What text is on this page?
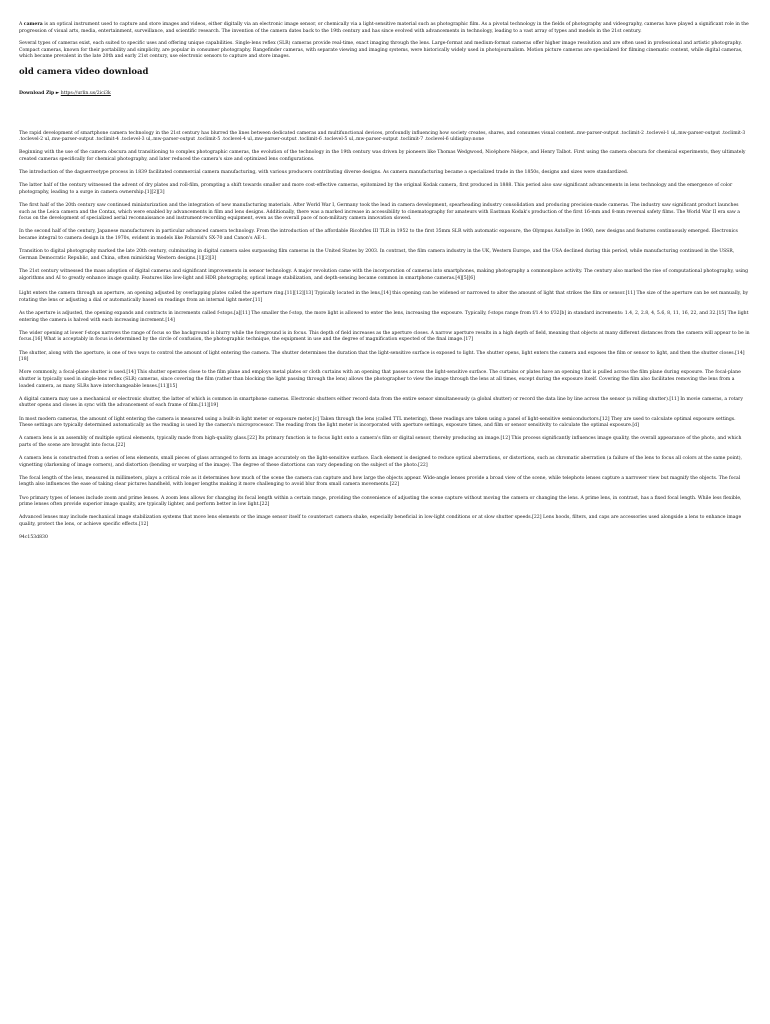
A camera is an optical instrument used to capture and store images and videos, either digitally via an electronic image sensor, or chemically via a light-sensitive material such as photographic film. As a pivotal technology in the fields of photography and videography, cameras have played a significant role in the progression of visual arts, media, entertainment, surveillance, and scientific research. The invention of the camera dates back to the 19th century and has since evolved with advancements in technology, leading to a vast array of types and models in the 21st century.

Several types of cameras exist, each suited to specific uses and offering unique capabilities. Single-lens reflex (SLR) cameras provide real-time, exact imaging through the lens. Large-format and medium-format cameras offer higher image resolution and are often used in professional and artistic photography. Compact cameras, known for their portability and simplicity, are popular in consumer photography. Rangefinder cameras, with separate viewing and imaging systems, were historically widely used in photojournalism. Motion picture cameras are specialized for filming cinematic content, while digital cameras, which became prevalent in the late 20th and early 21st century, use electronic sensors to capture and store images.

old camera video download
Download Zip ► https://urlin.us/2ici3k

The rapid development of smartphone camera technology in the 21st century has blurred the lines between dedicated cameras and multifunctional devices, profoundly influencing how society creates, shares, and consumes visual content..mw-parser-output .toclimit-2 .toclevel-1 ul,.mw-parser-output .toclimit-3 .toclevel-2 ul,.mw-parser-output .toclimit-4 .toclevel-3 ul,.mw-parser-output .toclimit-5 .toclevel-4 ul,.mw-parser-output .toclimit-6 .toclevel-5 ul,.mw-parser-output .toclimit-7 .toclevel-6 uldisplay:none

Beginning with the use of the camera obscura and transitioning to complex photographic cameras, the evolution of the technology in the 19th century was driven by pioneers like Thomas Wedgwood, Nicéphore Niépce, and Henry Talbot. First using the camera obscura for chemical experiments, they ultimately created cameras specifically for chemical photography, and later reduced the camera's size and optimized lens configurations.

The introduction of the daguerreotype process in 1839 facilitated commercial camera manufacturing, with various producers contributing diverse designs. As camera manufacturing became a specialized trade in the 1850s, designs and sizes were standardized.

The latter half of the century witnessed the advent of dry plates and roll-film, prompting a shift towards smaller and more cost-effective cameras, epitomized by the original Kodak camera, first produced in 1888. This period also saw significant advancements in lens technology and the emergence of color photography, leading to a surge in camera ownership.[1][2][3]

The first half of the 20th century saw continued miniaturization and the integration of new manufacturing materials. After World War I, Germany took the lead in camera development, spearheading industry consolidation and producing precision-made cameras. The industry saw significant product launches such as the Leica camera and the Contax, which were enabled by advancements in film and lens designs. Additionally, there was a marked increase in accessibility to cinematography for amateurs with Eastman Kodak's production of the first 16-mm and 8-mm reversal safety films. The World War II era saw a focus on the development of specialized aerial reconnaissance and instrument-recording equipment, even as the overall pace of non-military camera innovation slowed.

In the second half of the century, Japanese manufacturers in particular advanced camera technology. From the introduction of the affordable Ricohflex III TLR in 1952 to the first 35mm SLR with automatic exposure, the Olympus AutoEye in 1960, new designs and features continuously emerged. Electronics became integral to camera design in the 1970s, evident in models like Polaroid's SX-70 and Canon's AE-1.

Transition to digital photography marked the late 20th century, culminating in digital camera sales surpassing film cameras in the United States by 2003. In contrast, the film camera industry in the UK, Western Europe, and the USA declined during this period, while manufacturing continued in the USSR, German Democratic Republic, and China, often mimicking Western designs.[1][2][3]

The 21st century witnessed the mass adoption of digital cameras and significant improvements in sensor technology. A major revolution came with the incorporation of cameras into smartphones, making photography a commonplace activity. The century also marked the rise of computational photography, using algorithms and AI to greatly enhance image quality. Features like low-light and HDR photography, optical image stabilization, and depth-sensing became common in smartphone cameras.[4][5][6]

Light enters the camera through an aperture, an opening adjusted by overlapping plates called the aperture ring.[11][12][13] Typically located in the lens,[14] this opening can be widened or narrowed to alter the amount of light that strikes the film or sensor.[11] The size of the aperture can be set manually, by rotating the lens or adjusting a dial or automatically based on readings from an internal light meter.[11]

As the aperture is adjusted, the opening expands and contracts in increments called f-stops.[a][11] The smaller the f-stop, the more light is allowed to enter the lens, increasing the exposure. Typically, f-stops range from f/1.4 to f/32[b] in standard increments: 1.4, 2, 2.8, 4, 5.6, 8, 11, 16, 22, and 32.[15] The light entering the camera is halved with each increasing increment.[14]

The wider opening at lower f-stops narrows the range of focus so the background is blurry while the foreground is in focus. This depth of field increases as the aperture closes. A narrow aperture results in a high depth of field, meaning that objects at many different distances from the camera will appear to be in focus.[16] What is acceptably in focus is determined by the circle of confusion, the photographic technique, the equipment in use and the degree of magnification expected of the final image.[17]

The shutter, along with the aperture, is one of two ways to control the amount of light entering the camera. The shutter determines the duration that the light-sensitive surface is exposed to light. The shutter opens, light enters the camera and exposes the film or sensor to light, and then the shutter closes.[14][18]

More commonly, a focal-plane shutter is used.[14] This shutter operates close to the film plane and employs metal plates or cloth curtains with an opening that passes across the light-sensitive surface. The curtains or plates have an opening that is pulled across the film plane during exposure. The focal-plane shutter is typically used in single-lens reflex (SLR) cameras, since covering the film (rather than blocking the light passing through the lens) allows the photographer to view the image through the lens at all times, except during the exposure itself. Covering the film also facilitates removing the lens from a loaded camera, as many SLRs have interchangeable lenses.[11][15]

A digital camera may use a mechanical or electronic shutter, the latter of which is common in smartphone cameras. Electronic shutters either record data from the entire sensor simultaneously (a global shutter) or record the data line by line across the sensor (a rolling shutter).[11] In movie cameras, a rotary shutter opens and closes in sync with the advancement of each frame of film.[11][19]

In most modern cameras, the amount of light entering the camera is measured using a built-in light meter or exposure meter.[c] Taken through the lens (called TTL metering), these readings are taken using a panel of light-sensitive semiconductors.[12] They are used to calculate optimal exposure settings. These settings are typically determined automatically as the reading is used by the camera's microprocessor. The reading from the light meter is incorporated with aperture settings, exposure times, and film or sensor sensitivity to calculate the optimal exposure.[d]

A camera lens is an assembly of multiple optical elements, typically made from high-quality glass.[22] Its primary function is to focus light onto a camera's film or digital sensor, thereby producing an image.[12] This process significantly influences image quality, the overall appearance of the photo, and which parts of the scene are brought into focus.[22]

A camera lens is constructed from a series of lens elements, small pieces of glass arranged to form an image accurately on the light-sensitive surface. Each element is designed to reduce optical aberrations, or distortions, such as chromatic aberration (a failure of the lens to focus all colors at the same point), vignetting (darkening of image corners), and distortion (bending or warping of the image). The degree of these distortions can vary depending on the subject of the photo.[22]

The focal length of the lens, measured in millimeters, plays a critical role as it determines how much of the scene the camera can capture and how large the objects appear. Wide-angle lenses provide a broad view of the scene, while telephoto lenses capture a narrower view but magnify the objects. The focal length also influences the ease of taking clear pictures handheld, with longer lengths making it more challenging to avoid blur from small camera movements.[22]

Two primary types of lenses include zoom and prime lenses. A zoom lens allows for changing its focal length within a certain range, providing the convenience of adjusting the scene capture without moving the camera or changing the lens. A prime lens, in contrast, has a fixed focal length. While less flexible, prime lenses often provide superior image quality, are typically lighter, and perform better in low light.[22]

Advanced lenses may include mechanical image stabilization systems that move lens elements or the image sensor itself to counteract camera shake, especially beneficial in low-light conditions or at slow shutter speeds.[22] Lens hoods, filters, and caps are accessories used alongside a lens to enhance image quality, protect the lens, or achieve specific effects.[12]

94c153d830
